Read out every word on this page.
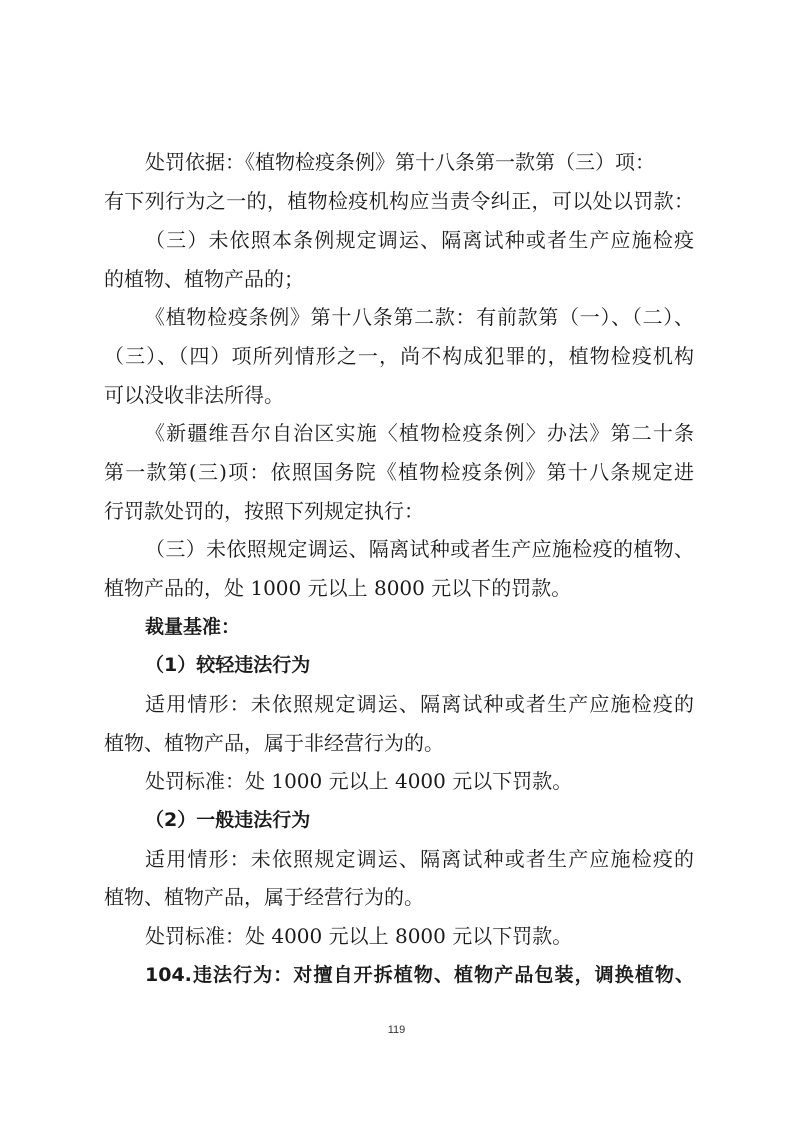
处罚依据：《植物检疫条例》第十八条第一款第（三）项：
有下列行为之一的，植物检疫机构应当责令纠正，可以处以罚款：
（三）未依照本条例规定调运、隔离试种或者生产应施检疫
的植物、植物产品的；
《植物检疫条例》第十八条第二款：有前款第（一）、（二）、
（三）、（四）项所列情形之一，尚不构成犯罪的，植物检疫机构
可以没收非法所得。
《新疆维吾尔自治区实施〈植物检疫条例〉办法》第二十条
第一款第(三)项：依照国务院《植物检疫条例》第十八条规定进
行罚款处罚的，按照下列规定执行：
（三）未依照规定调运、隔离试种或者生产应施检疫的植物、
植物产品的，处 1000 元以上 8000 元以下的罚款。
裁量基准：
（1）较轻违法行为
适用情形：未依照规定调运、隔离试种或者生产应施检疫的
植物、植物产品，属于非经营行为的。
处罚标准：处 1000 元以上 4000 元以下罚款。
（2）一般违法行为
适用情形：未依照规定调运、隔离试种或者生产应施检疫的
植物、植物产品，属于经营行为的。
处罚标准：处 4000 元以上 8000 元以下罚款。
104.违法行为：对擅自开拆植物、植物产品包装，调换植物、
119
